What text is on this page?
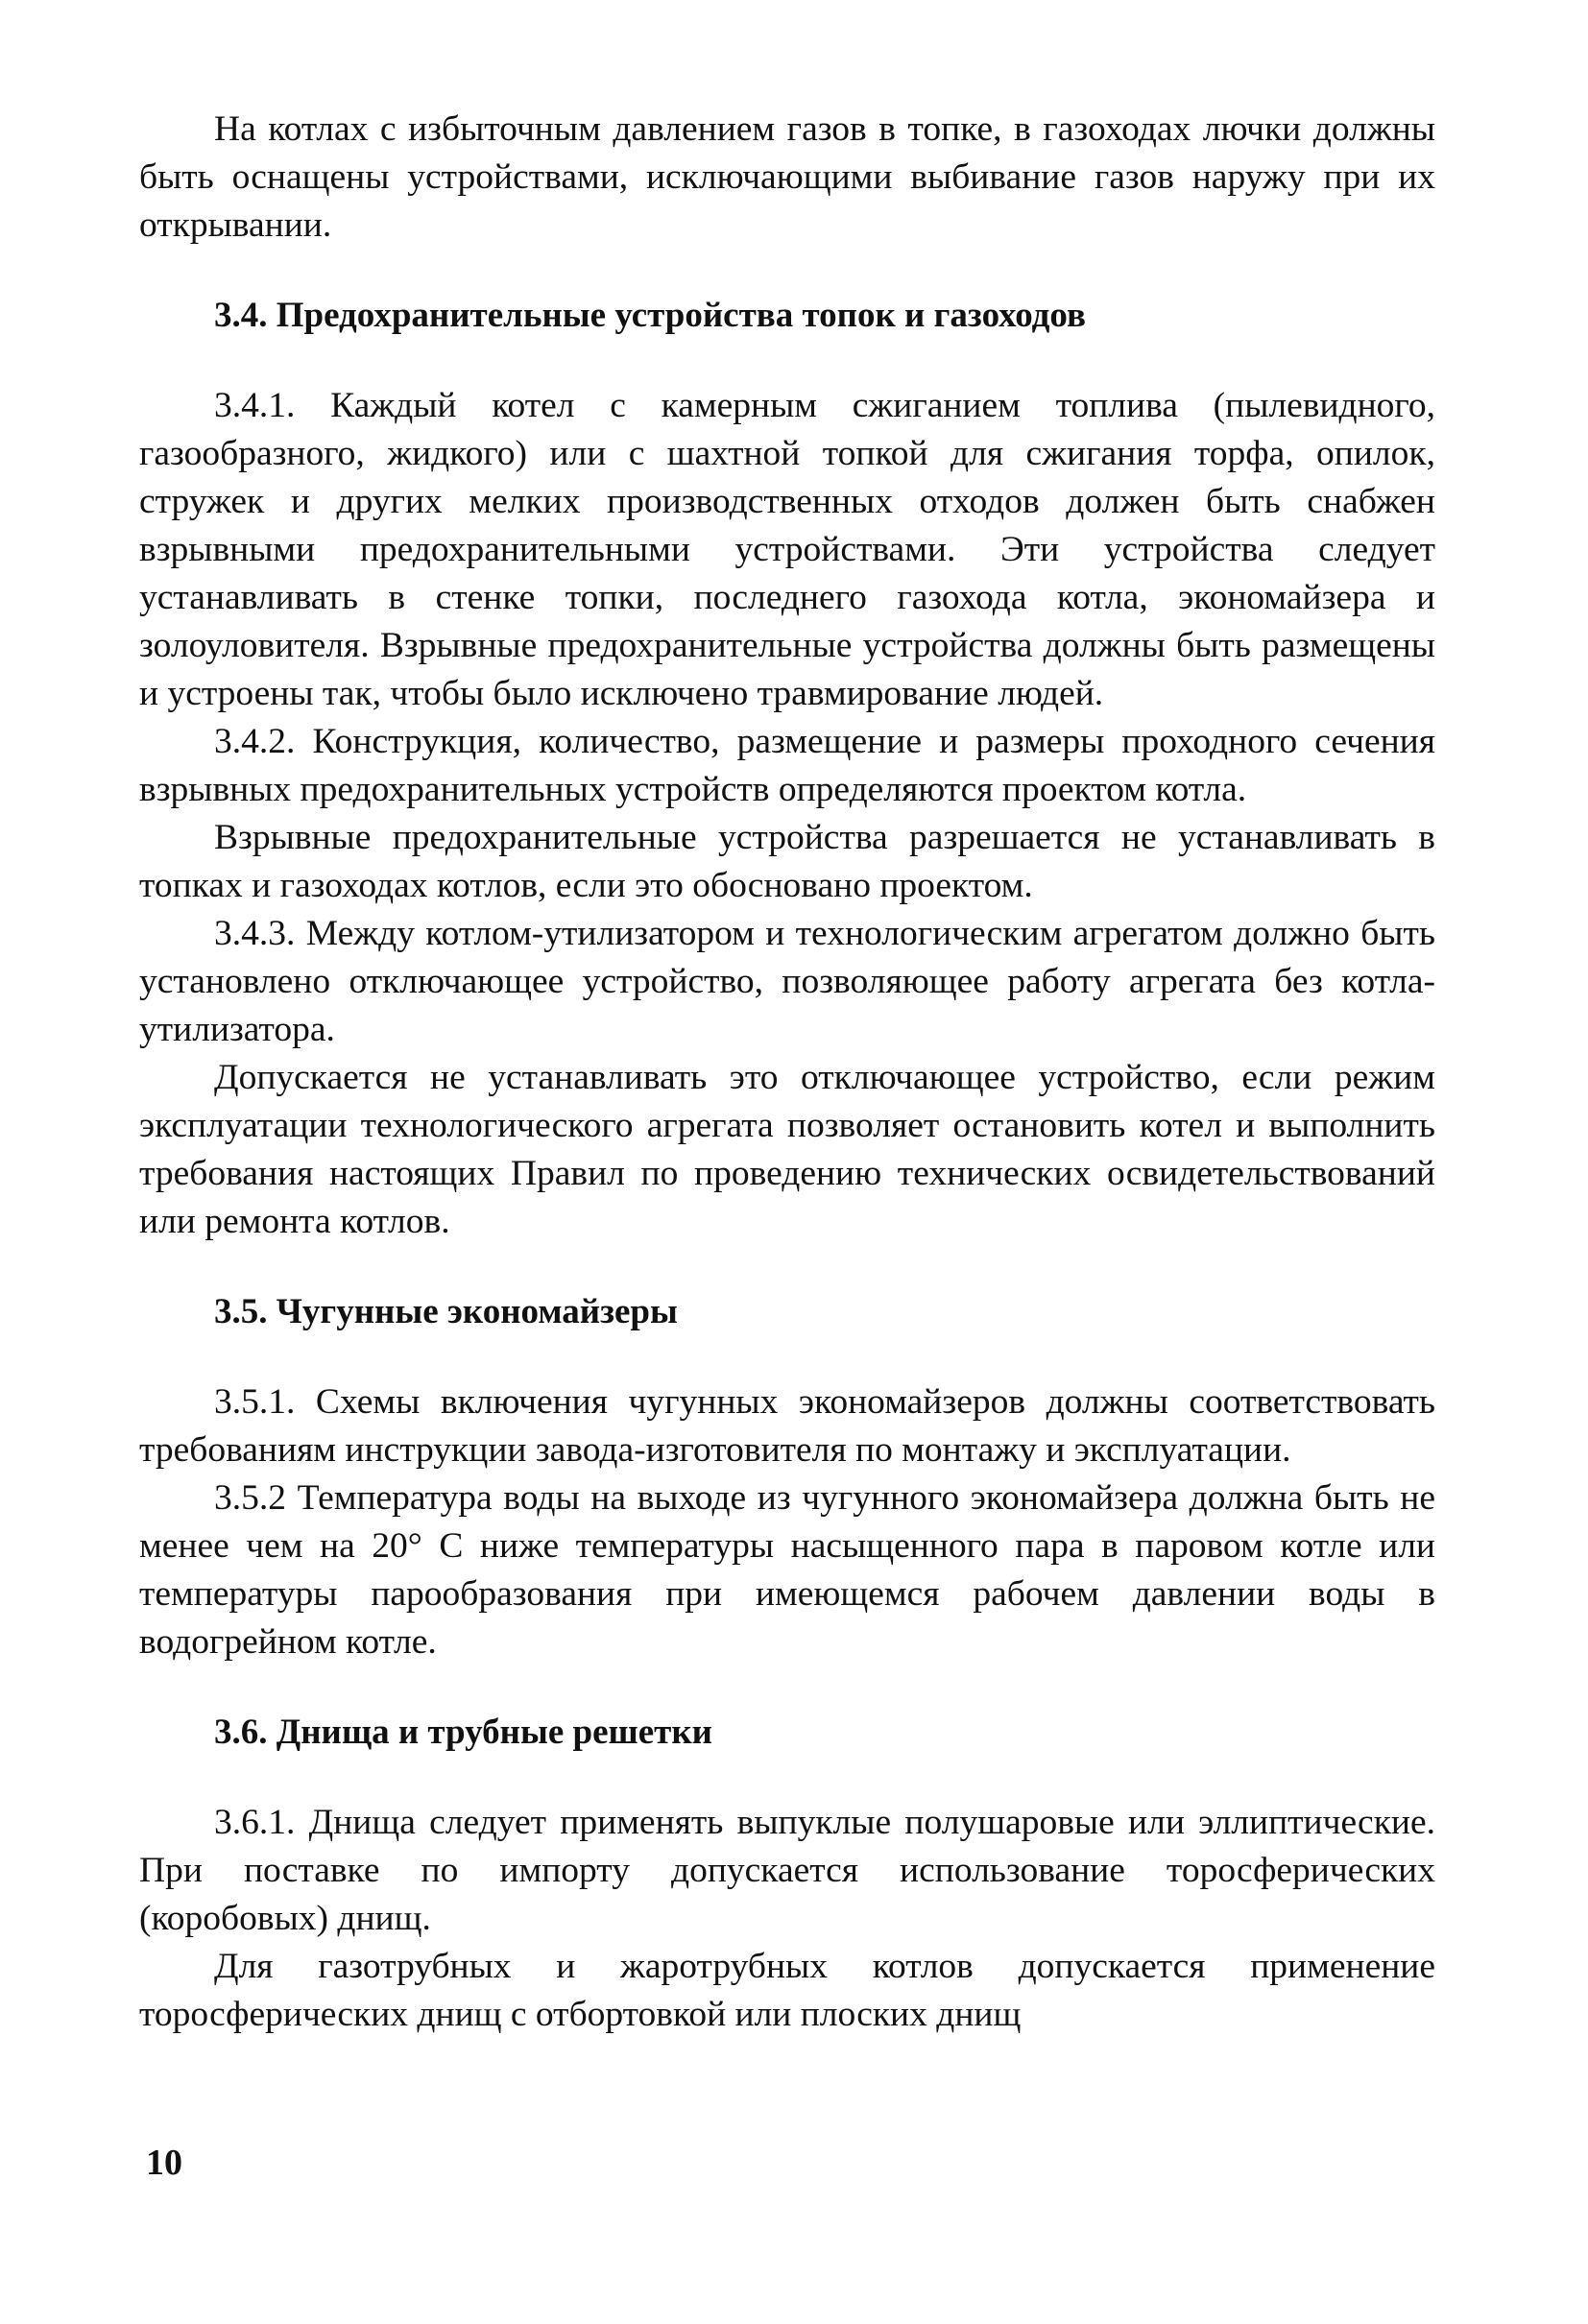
На котлах с избыточным давлением газов в топке, в газоходах лючки должны быть оснащены устройствами, исключающими выбивание газов наружу при их открывании.

3.4. Предохранительные устройства топок и газоходов

3.4.1. Каждый котел с камерным сжиганием топлива (пылевидного, газообразного, жидкого) или с шахтной топкой для сжигания торфа, опилок, стружек и других мелких производственных отходов должен быть снабжен взрывными предохранительными устройствами. Эти устройства следует устанавливать в стенке топки, последнего газохода котла, экономайзера и золоуловителя. Взрывные предохранительные устройства должны быть размещены и устроены так, чтобы было исключено травмирование людей.

3.4.2. Конструкция, количество, размещение и размеры проходного сечения взрывных предохранительных устройств определяются проектом котла.

Взрывные предохранительные устройства разрешается не устанавливать в топках и газоходах котлов, если это обосновано проектом.

3.4.3. Между котлом-утилизатором и технологическим агрегатом должно быть установлено отключающее устройство, позволяющее работу агрегата без котла-утилизатора.

Допускается не устанавливать это отключающее устройство, если режим эксплуатации технологического агрегата позволяет остановить котел и выполнить требования настоящих Правил по проведению технических освидетельствований или ремонта котлов.

3.5. Чугунные экономайзеры

3.5.1. Схемы включения чугунных экономайзеров должны соответствовать требованиям инструкции завода-изготовителя по монтажу и эксплуатации.

3.5.2 Температура воды на выходе из чугунного экономайзера должна быть не менее чем на 20° С ниже температуры насыщенного пара в паровом котле или температуры парообразования при имеющемся рабочем давлении воды в водогрейном котле.

3.6. Днища и трубные решетки

3.6.1. Днища следует применять выпуклые полушаровые или эллиптические. При поставке по импорту допускается использование торосферических (коробовых) днищ.

Для газотрубных и жаротрубных котлов допускается применение торосферических днищ с отбортовкой или плоских днищ

10
